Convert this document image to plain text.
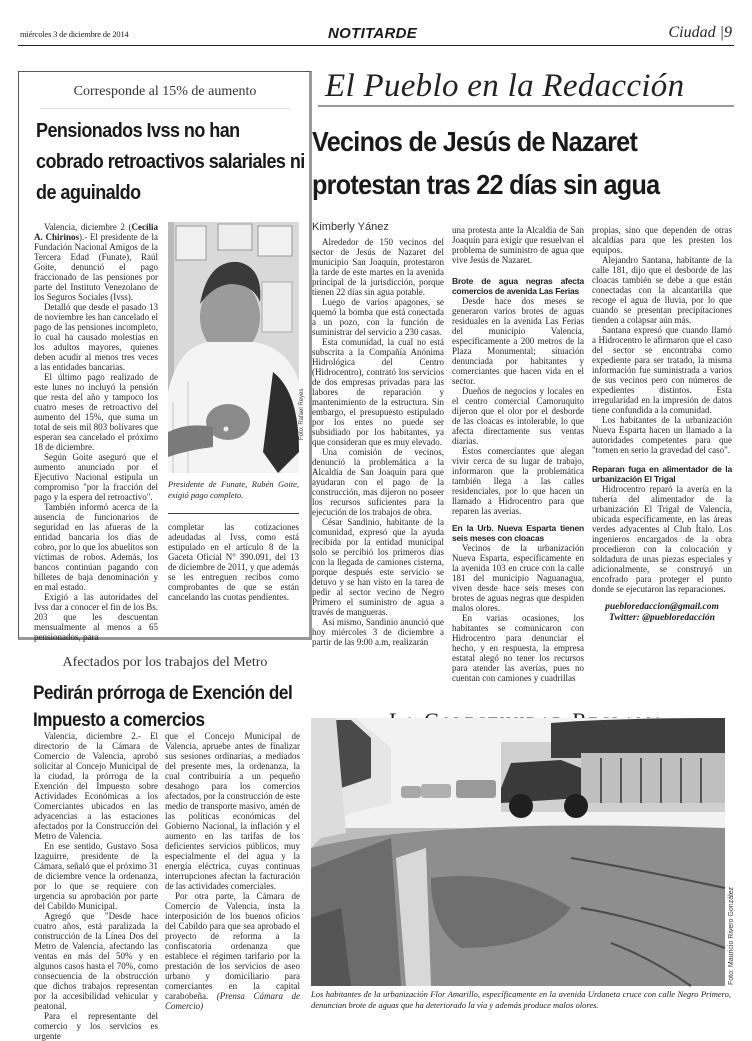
miércoles 3 de diciembre de 2014	NOTITARDE	Ciudad |9
Corresponde al 15% de aumento
Pensionados Ivss no han cobrado retroactivos salariales ni de aguinaldo

Valencia, diciembre 2 (Cecilia A. Chirinos).- El presidente de la Fundación Nacional Amigos de la Tercera Edad (Funate), Raúl Goite, denunció el pago fraccionado de las pensiones por parte del Instituto Venezolano de los Seguros Sociales (Ivss).

Detalló que desde el pasado 13 de noviembre les han cancelado el pago de las pensiones incompleto, lo cual ha causado molestias en los adultos mayores, quienes deben acudir al menos tres veces a las entidades bancarias.

El último pago realizado de este lunes no incluyó la pensión que resta del año y tampoco los cuatro meses de retroactivo del aumento del 15%, que suma un total de seis mil 803 bolívares que esperan sea cancelado el próximo 18 de diciembre.

Según Goite aseguró que el aumento anunciado por el Ejecutivo Nacional estipula un compromiso "por la fracción del pago y la espera del retroactivo".

También informó acerca de la ausencia de funcionarios de seguridad en las afueras de la entidad bancaria los días de cobro, por lo que los abuelitos son víctimas de robos. Además, los bancos continúan pagando con billetes de baja denominación y en mal estado.

Exigió a las autoridades del Ivss dar a conocer el fin de los Bs. 203 que les descuentan mensualmente al menos a 65 pensionados, para

Foto: Rafael Reyes
Presidente de Funate, Rubén Goite, exigió pago completo.

completar las cotizaciones adeudadas al Ivss, como está estipulado en el artículo 8 de la Gaceta Oficial N° 390.091, del 13 de diciembre de 2011, y que además se les entreguen recibos como comprobantes de que se están cancelando las cuotas pendientes.

El Pueblo en la Redacción
Vecinos de Jesús de Nazaret protestan tras 22 días sin agua
Kimberly Yánez

Alrededor de 150 vecinos del sector de Jesús de Nazaret del municipio San Joaquín, protestaron la tarde de este martes en la avenida principal de la jurisdicción, porque tienen 22 días sin agua potable.

Luego de varios apagones, se quemó la bomba que está conectada a un pozo, con la función de suministrar del servicio a 230 casas.

Esta comunidad, la cual no está subscrita a la Compañía Anónima Hidrológica del Centro (Hidrocentro), contrató los servicios de dos empresas privadas para las labores de reparación y mantenimiento de la estructura. Sin embargo, el presupuesto estipulado por los entes no puede ser subsidiado por los habitantes, ya que consideran que es muy elevado.

Una comisión de vecinos, denunció la problemática a la Alcaldía de San Joaquín para que ayudaran con el pago de la construcción, mas dijeron no poseer los recursos suficientes para la ejecución de los trabajos de obra.

César Sandinio, habitante de la comunidad, expresó que la ayuda recibida por la entidad municipal solo se percibió los primeros días con la llegada de camiones cisterna, porque después este servicio se detuvo y se han visto en la tarea de pedir al sector vecino de Negro Primero el suministro de agua a través de mangueras.

Así mismo, Sandinio anunció que hoy miércoles 3 de diciembre a partir de las 9:00 a.m, realizarán

una protesta ante la Alcaldía de San Joaquín para exigir que resuelvan el problema de suministro de agua que vive Jesús de Nazaret.

Brote de agua negras afecta comercios de avenida Las Ferias

Desde hace dos meses se generaron varios brotes de aguas residuales en la avenida Las Ferias del municipio Valencia, específicamente a 200 metros de la Plaza Monumental; situación denunciada por habitantes y comerciantes que hacen vida en el sector.

Dueños de negocios y locales en el centro comercial Camoruquito dijeron que el olor por el desborde de las cloacas es intolerable, lo que afecta directamente sus ventas diarias.

Estos comerciantes que alegan vivir cerca de su lugar de trabajo, informaron que la problemática también llega a las calles residenciales, por lo que hacen un llamado a Hidrocentro para que reparen las averías.

En la Urb. Nueva Esparta tienen seis meses con cloacas

Vecinos de la urbanización Nueva Esparta, específicamente en la avenida 103 en cruce con la calle 181 del municipio Naguanagua, viven desde hace seis meses con brotes de aguas negras que despiden malos olores.

En varias ocasiones, los habitantes se comunicaron con Hidrocentro para denunciar el hecho, y en respuesta, la empresa estatal alegó no tener los recursos para atender las averías, pues no cuentan con camiones y cuadrillas

propias, sino que dependen de otras alcaldías para que les presten los equipos.

Alejandro Santana, habitante de la calle 181, dijo que el desborde de las cloacas también se debe a que están conectadas con la alcantarilla que recoge el agua de lluvia, por lo que cuando se presentan precipitaciones tienden a colapsar aún más.

Santana expresó que cuando llamó a Hidrocentro le afirmaron que el caso del sector se encontraba como expediente para ser tratado, la misma información fue suministrada a varios de sus vecinos pero con números de expedientes distintos. Esta irregularidad en la impresión de datos tiene confundida a la comunidad.

Los habitantes de la urbanización Nueva Esparta hacen un llamado a la autoridades competentes para que "tomen en serio la gravedad del caso".

Reparan fuga en alimentador de la urbanización El Trigal

Hidrocentro reparó la avería en la tubería del alimentador de la urbanización El Trigal de Valencia, ubicada específicamente, en las áreas verdes adyacentes al Club Ítalo. Los ingenieros encargados de la obra procedieron con la colocación y soldadura de unas piezas especiales y adicionalmente, se construyó un encofrado para proteger el punto donde se ejecutaron las reparaciones.

puebloredaccion@gmail.com
Twitter: @puebloredacción
Afectados por los trabajos del Metro
Pedirán prórroga de Exención del Impuesto a comercios

Valencia, diciembre 2.- El directorio de la Cámara de Comercio de Valencia, aprobó solicitar al Concejo Municipal de la ciudad, la prórroga de la Exención del Impuesto sobre Actividades Económicas a los Comerciantes ubicados en las adyacencias a las estaciones afectados por la Construcción del Metro de Valencia.

En ese sentido, Gustavo Sosa Izaguirre, presidente de la Cámara, señaló que el próximo 31 de diciembre vence la ordenanza, por lo que se requiere con urgencia su aprobación por parte del Cabildo Municipal.

Agregó que "Desde hace cuatro años, está paralizada la construcción de la Línea Dos del Metro de Valencia, afectando las ventas en más del 50% y en algunos casos hasta el 70%, como consecuencia de la obstrucción que dichos trabajos representan por la accesibilidad vehicular y peatonal.

Para el representante del comercio y los servicios es urgente

que el Concejo Municipal de Valencia, apruebe antes de finalizar sus sesiones ordinarias, a mediados del presente mes, la ordenanza, la cual contribuiría a un pequeño desahogo para los comercios afectados, por la construcción de este medio de transporte masivo, amén de las políticas económicas del Gobierno Nacional, la inflación y el aumento en las tarifas de los deficientes servicios públicos, muy especialmente el del agua y la energía eléctrica, cuyas continuas interrupciones afectan la facturación de las actividades comerciales.

Por otra parte, la Cámara de Comercio de Valencia, insta la interposición de los buenos oficios del Cabildo para que sea aprobado el proyecto de reforma a la confiscatoria ordenanza que establece el régimen tarifario por la prestación de los servicios de aseo urbano y domiciliario para comerciantes en la capital carabobeña. (Prensa Cámara de Comercio)

Foto: Mauricio Rivero González
Los habitantes de la urbanización Flor Amarillo, específicamente en la avenida Urdaneta cruce con calle Negro Primero, denuncian brote de aguas que ha deteriorado la vía y además produce malos olores.
